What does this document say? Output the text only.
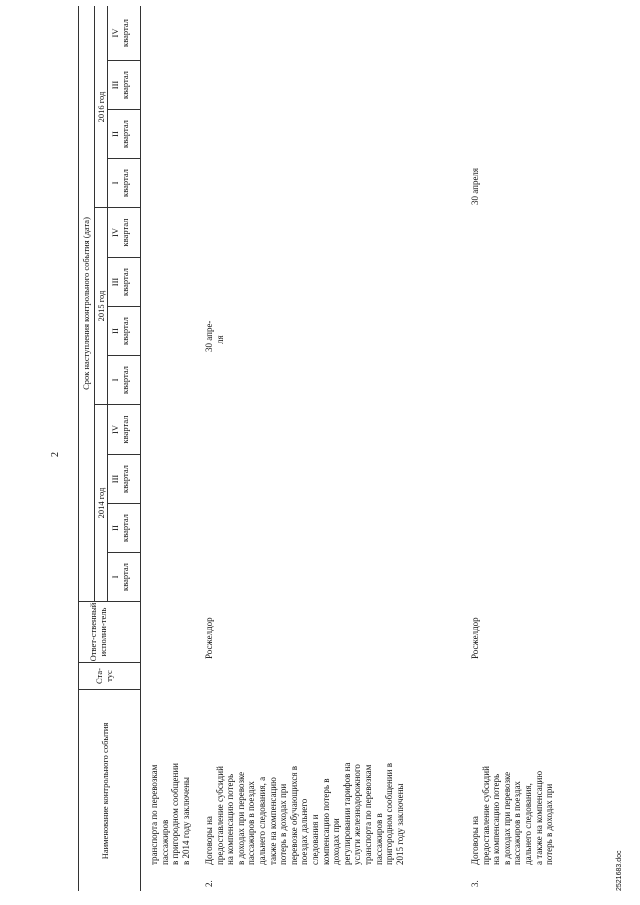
2
Наименование контрольного события
Ста-тус
Ответ-ственный исполни-тель
Срок наступления контрольного события (дата)
2014 год
2015 год
2016 год
I квартал
II квартал
III квартал
IV квартал
I квартал
II квартал
III квартал
IV квартал
I квартал
II квартал
III квартал
IV квартал

транспорта по перевозкам пассажиров в пригородном сообщении в 2014 году заключены

2.

Договоры на предоставление субсидий на компенсацию потерь в доходах при перевозке пассажиров в поездах дальнего следования, а также на компенсацию потерь в доходах при перевозке обучающихся в поездах дальнего следования и компенсацию потерь в доходах при регулировании тарифов на услуги железнодорожного транспорта по перевозкам пассажиров в пригородном сообщении в 2015 году заключены

Росжелдор

30 апре- ля

3.

Договоры на предоставление субсидий на компенсацию потерь в доходах при перевозке пассажиров в поездах дальнего следования, а также на компенсацию потерь в доходах при

Росжелдор
30 апреля
2521683.doc
